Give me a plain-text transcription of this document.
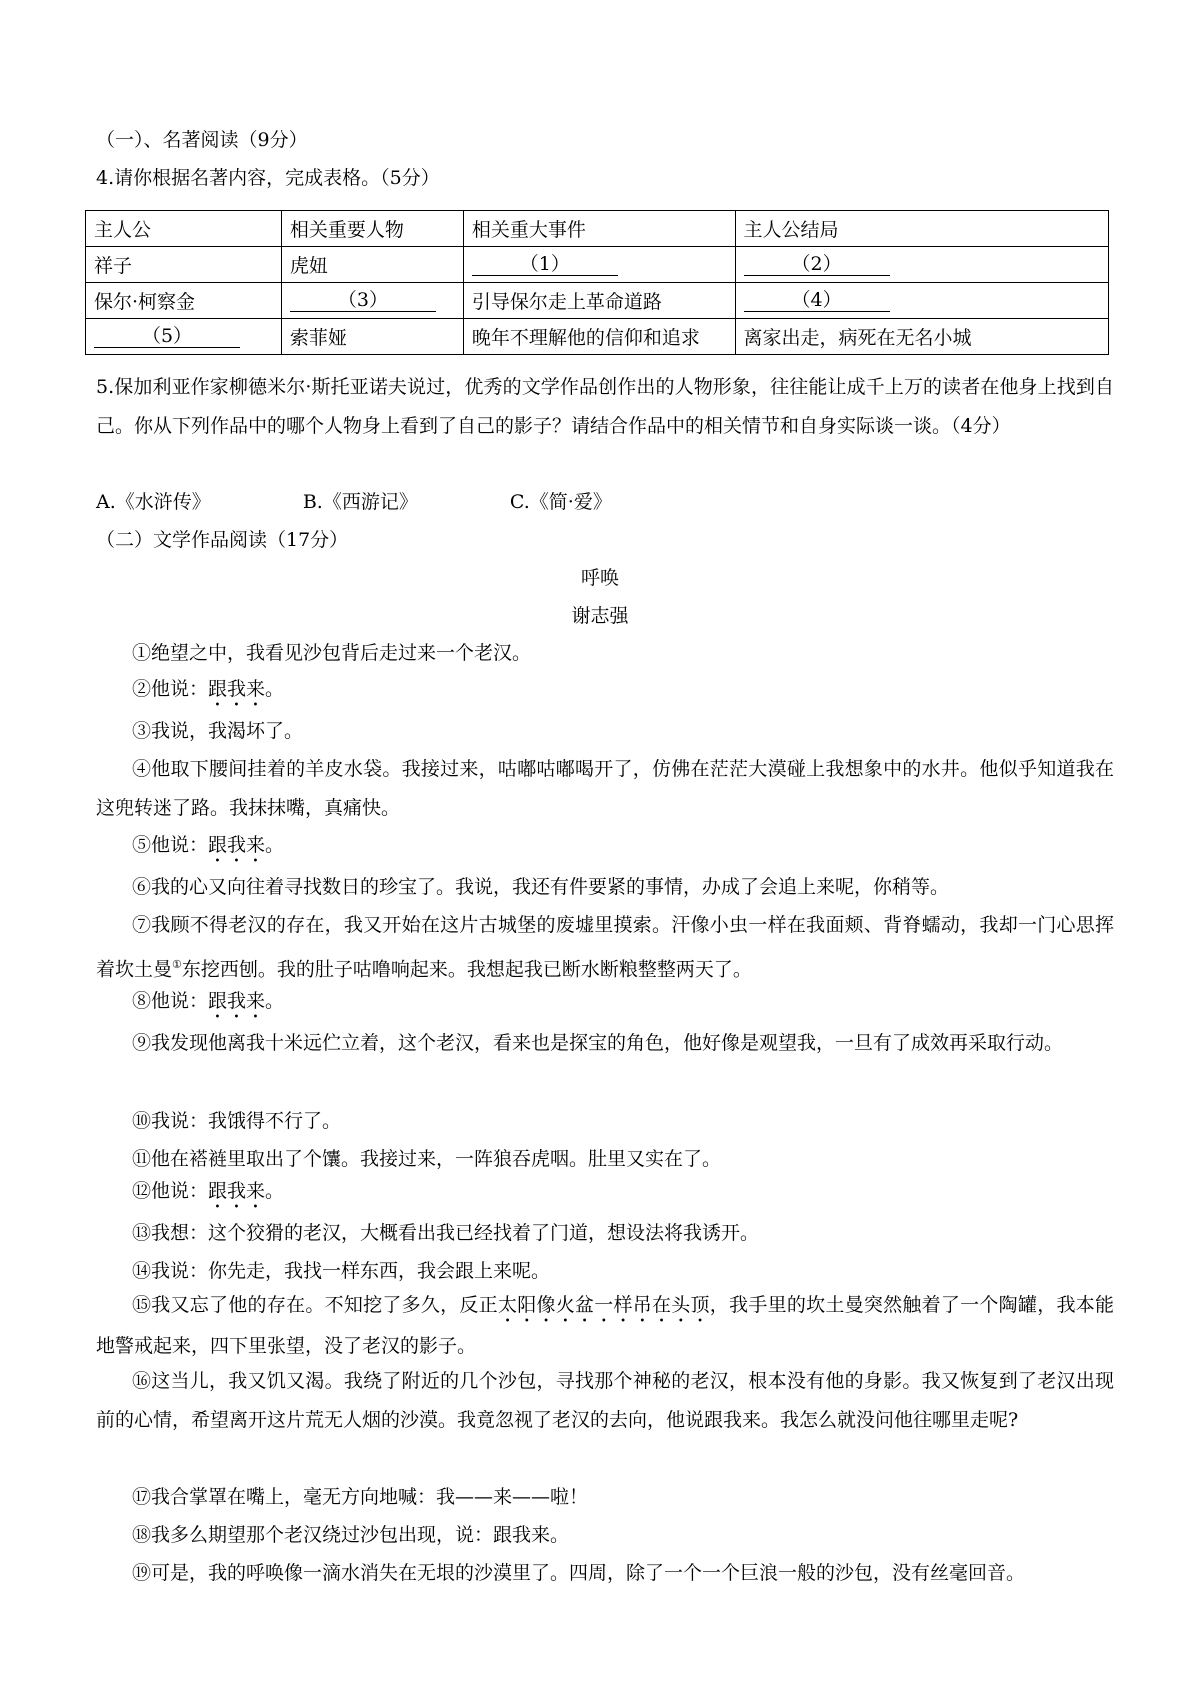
（一）、名著阅读（9分）
4.请你根据名著内容，完成表格。（5分）
主人公	相关重要人物	相关重大事件	主人公结局
祥子	虎妞	（1）	（2）
保尔·柯察金	（3）	引导保尔走上革命道路	（4）
（5）	索菲娅	晚年不理解他的信仰和追求	离家出走，病死在无名小城
5.保加利亚作家柳德米尔·斯托亚诺夫说过，优秀的文学作品创作出的人物形象，往往能让成千上万的读者在他身上找到自己。你从下列作品中的哪个人物身上看到了自己的影子？请结合作品中的相关情节和自身实际谈一谈。（4分）
A.《水浒传》	B.《西游记》	C.《简·爱》
（二）文学作品阅读（17分）
呼唤
谢志强
①绝望之中，我看见沙包背后走过来一个老汉。
②他说：跟我来。
③我说，我渴坏了。
④他取下腰间挂着的羊皮水袋。我接过来，咕嘟咕嘟喝开了，仿佛在茫茫大漠碰上我想象中的水井。他似乎知道我在这兜转迷了路。我抹抹嘴，真痛快。
⑤他说：跟我来。
⑥我的心又向往着寻找数日的珍宝了。我说，我还有件要紧的事情，办成了会追上来呢，你稍等。
⑦我顾不得老汉的存在，我又开始在这片古城堡的废墟里摸索。汗像小虫一样在我面颊、背脊蠕动，我却一门心思挥着坎土曼①东挖西刨。我的肚子咕噜响起来。我想起我已断水断粮整整两天了。
⑧他说：跟我来。
⑨我发现他离我十米远伫立着，这个老汉，看来也是探宝的角色，他好像是观望我，一旦有了成效再采取行动。
⑩我说：我饿得不行了。
⑪他在褡裢里取出了个馕。我接过来，一阵狼吞虎咽。肚里又实在了。
⑫他说：跟我来。
⑬我想：这个狡猾的老汉，大概看出我已经找着了门道，想设法将我诱开。
⑭我说：你先走，我找一样东西，我会跟上来呢。
⑮我又忘了他的存在。不知挖了多久，反正太阳像火盆一样吊在头顶，我手里的坎土曼突然触着了一个陶罐，我本能地警戒起来，四下里张望，没了老汉的影子。
⑯这当儿，我又饥又渴。我绕了附近的几个沙包，寻找那个神秘的老汉，根本没有他的身影。我又恢复到了老汉出现前的心情，希望离开这片荒无人烟的沙漠。我竟忽视了老汉的去向，他说跟我来。我怎么就没问他往哪里走呢?
⑰我合掌罩在嘴上，毫无方向地喊：我——来——啦！
⑱我多么期望那个老汉绕过沙包出现，说：跟我来。
⑲可是，我的呼唤像一滴水消失在无垠的沙漠里了。四周，除了一个一个巨浪一般的沙包，没有丝毫回音。
